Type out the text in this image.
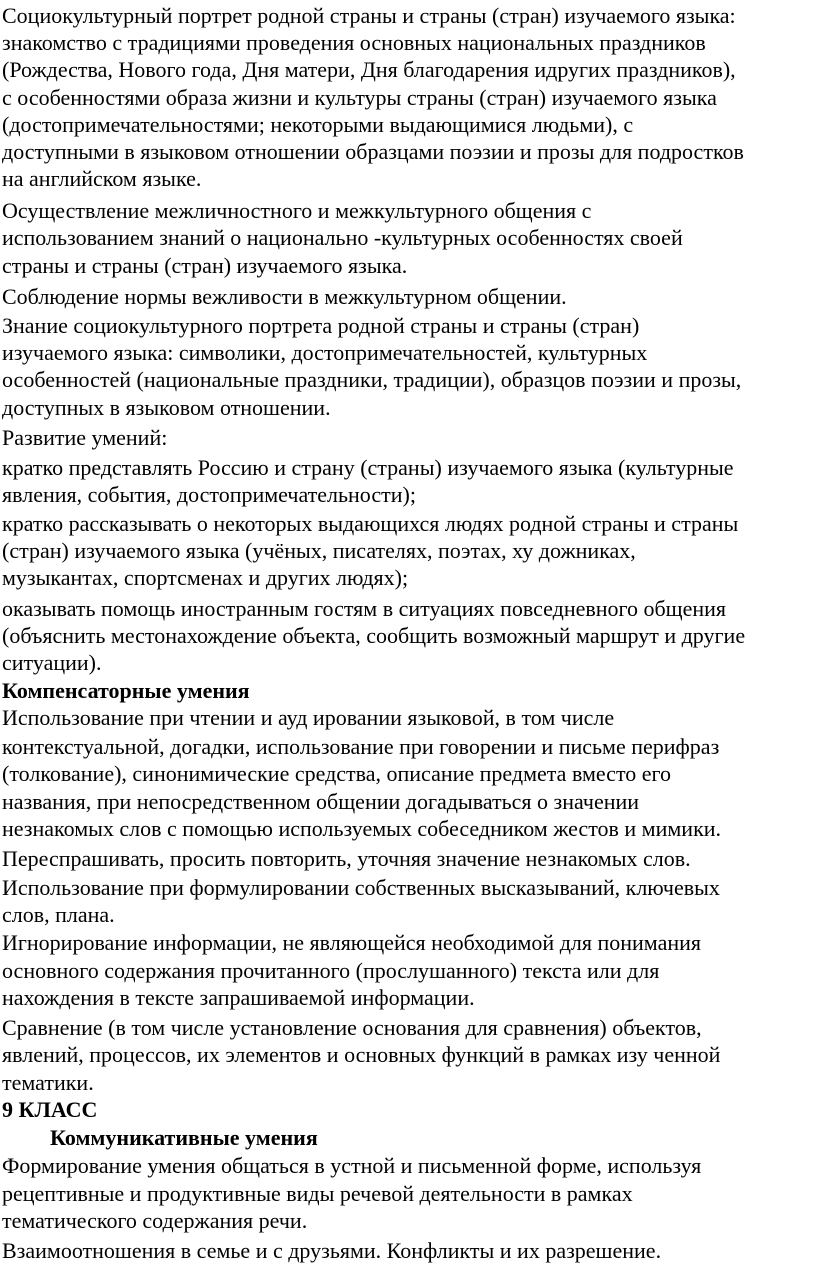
Социокультурный портрет родной страны и страны (стран) изучаемого языка:
знакомство с традициями проведения основных национальных праздников
(Рождества, Нового года, Дня матери, Дня благодарения идругих праздников),
с особенностями образа жизни и культуры страны (стран) изучаемого языка
(достопримечательностями; некоторыми выдающимися людьми), с
доступными в языковом отношении образцами поэзии и прозы для подростков
на английском языке.
Осуществление межличностного и межкультурного общения с
использованием знаний о национально -культурных особенностях своей
страны и страны (стран) изучаемого языка.
Соблюдение нормы вежливости в межкультурном общении.
Знание социокультурного портрета родной страны и страны (стран)
изучаемого языка: символики, достопримечательностей, культурных
особенностей (национальные праздники, традиции), образцов поэзии и прозы,
доступных в языковом отношении.
Развитие умений:
кратко представлять Россию и страну (страны) изучаемого языка (культурные
явления, события, достопримечательности);
кратко рассказывать о некоторых выдающихся людях родной страны и страны
(стран) изучаемого языка (учёных, писателях, поэтах, ху дожниках,
музыкантах, спортсменах и других людях);
оказывать помощь иностранным гостям в ситуациях повседневного общения
(объяснить местонахождение объекта, сообщить возможный маршрут и другие
ситуации).
Компенсаторные умения
Использование при чтении и ауд ировании языковой, в том числе
контекстуальной, догадки, использование при говорении и письме перифраз
(толкование), синонимические средства, описание предмета вместо его
названия, при непосредственном общении догадываться о значении
незнакомых слов с помощью используемых собеседником жестов и мимики.
Переспрашивать, просить повторить, уточняя значение незнакомых слов.
Использование при формулировании собственных высказываний, ключевых
слов, плана.
Игнорирование информации, не являющейся необходимой для понимания
основного содержания прочитанного (прослушанного) текста или для
нахождения в тексте запрашиваемой информации.
Сравнение (в том числе установление основания для сравнения) объектов,
явлений, процессов, их элементов и основных функций в рамках изу ченной
тематики.
9 КЛАСС
Коммуникативные умения
Формирование умения общаться в устной и письменной форме, используя
рецептивные и продуктивные виды речевой деятельности в рамках
тематического содержания речи.
Взаимоотношения в семье и с друзьями. Конфликты и их разрешение.
